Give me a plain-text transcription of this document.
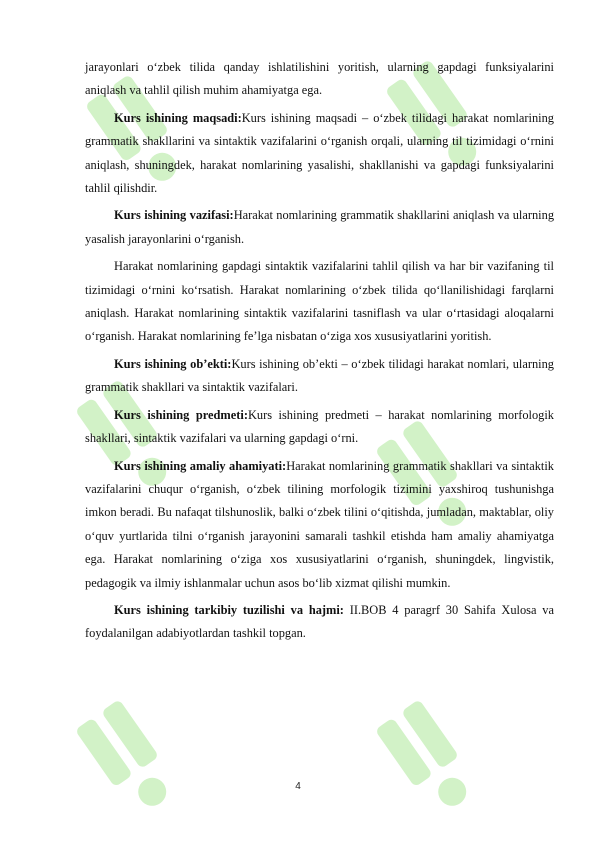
jarayonlari o‘zbek tilida qanday ishlatilishini yoritish, ularning gapdagi funksiyalarini aniqlash va tahlil qilish muhim ahamiyatga ega.

Kurs ishining maqsadi:Kurs ishining maqsadi – o‘zbek tilidagi harakat nomlarining grammatik shakllarini va sintaktik vazifalarini o‘rganish orqali, ularning til tizimidagi o‘rnini aniqlash, shuningdek, harakat nomlarining yasalishi, shakllanishi va gapdagi funksiyalarini tahlil qilishdir.

Kurs ishining vazifasi:Harakat nomlarining grammatik shakllarini aniqlash va ularning yasalish jarayonlarini o‘rganish.

Harakat nomlarining gapdagi sintaktik vazifalarini tahlil qilish va har bir vazifaning til tizimidagi o‘rnini ko‘rsatish. Harakat nomlarining o‘zbek tilida qo‘llanilishidagi farqlarni aniqlash. Harakat nomlarining sintaktik vazifalarini tasniflash va ular o‘rtasidagi aloqalarni o‘rganish. Harakat nomlarining fe’lga nisbatan o‘ziga xos xususiyatlarini yoritish.

Kurs ishining ob’ekti:Kurs ishining ob’ekti – o‘zbek tilidagi harakat nomlari, ularning grammatik shakllari va sintaktik vazifalari.

Kurs ishining predmeti:Kurs ishining predmeti – harakat nomlarining morfologik shakllari, sintaktik vazifalari va ularning gapdagi o‘rni.

Kurs ishining amaliy ahamiyati:Harakat nomlarining grammatik shakllari va sintaktik vazifalarini chuqur o‘rganish, o‘zbek tilining morfologik tizimini yaxshiroq tushunishga imkon beradi. Bu nafaqat tilshunoslik, balki o‘zbek tilini o‘qitishda, jumladan, maktablar, oliy o‘quv yurtlarida tilni o‘rganish jarayonini samarali tashkil etishda ham amaliy ahamiyatga ega. Harakat nomlarining o‘ziga xos xususiyatlarini o‘rganish, shuningdek, lingvistik, pedagogik va ilmiy ishlanmalar uchun asos bo‘lib xizmat qilishi mumkin.

Kurs ishining tarkibiy tuzilishi va hajmi: II.BOB 4 paragrf 30 Sahifa Xulosa va foydalanilgan adabiyotlardan tashkil topgan.

4
